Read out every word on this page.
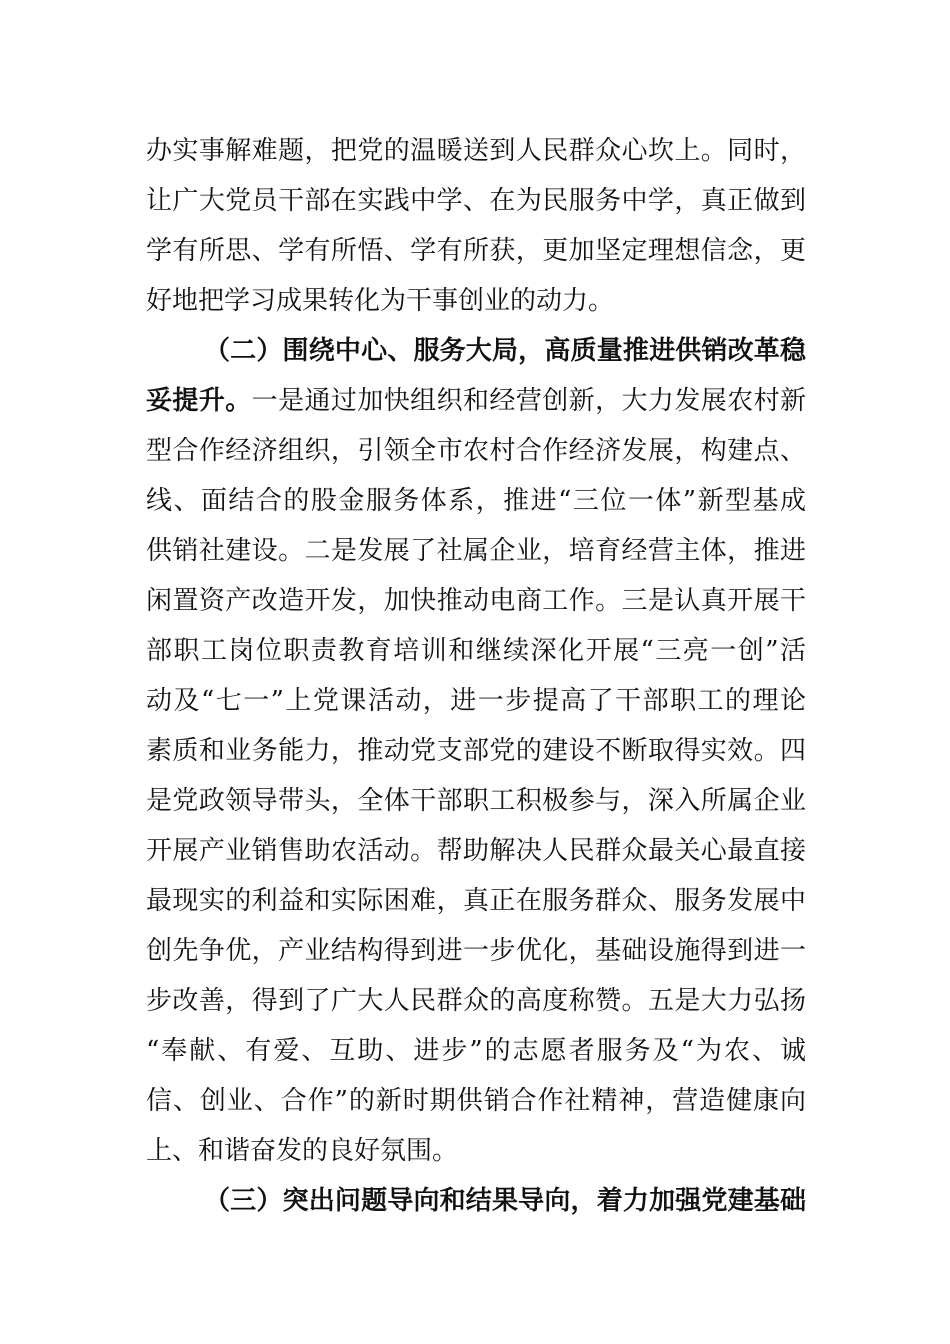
办实事解难题，把党的温暖送到人民群众心坎上。同时，
让广大党员干部在实践中学、在为民服务中学，真正做到
学有所思、学有所悟、学有所获，更加坚定理想信念，更
好地把学习成果转化为干事创业的动力。
（二）围绕中心、服务大局，高质量推进供销改革稳
妥提升。一是通过加快组织和经营创新，大力发展农村新
型合作经济组织，引领全市农村合作经济发展，构建点、
线、面结合的股金服务体系，推进“三位一体”新型基成
供销社建设。二是发展了社属企业，培育经营主体，推进
闲置资产改造开发，加快推动电商工作。三是认真开展干
部职工岗位职责教育培训和继续深化开展“三亮一创”活
动及“七一”上党课活动，进一步提高了干部职工的理论
素质和业务能力，推动党支部党的建设不断取得实效。四
是党政领导带头，全体干部职工积极参与，深入所属企业
开展产业销售助农活动。帮助解决人民群众最关心最直接
最现实的利益和实际困难，真正在服务群众、服务发展中
创先争优，产业结构得到进一步优化，基础设施得到进一
步改善，得到了广大人民群众的高度称赞。五是大力弘扬
“奉献、有爱、互助、进步”的志愿者服务及“为农、诚
信、创业、合作”的新时期供销合作社精神，营造健康向
上、和谐奋发的良好氛围。
（三）突出问题导向和结果导向，着力加强党建基础
